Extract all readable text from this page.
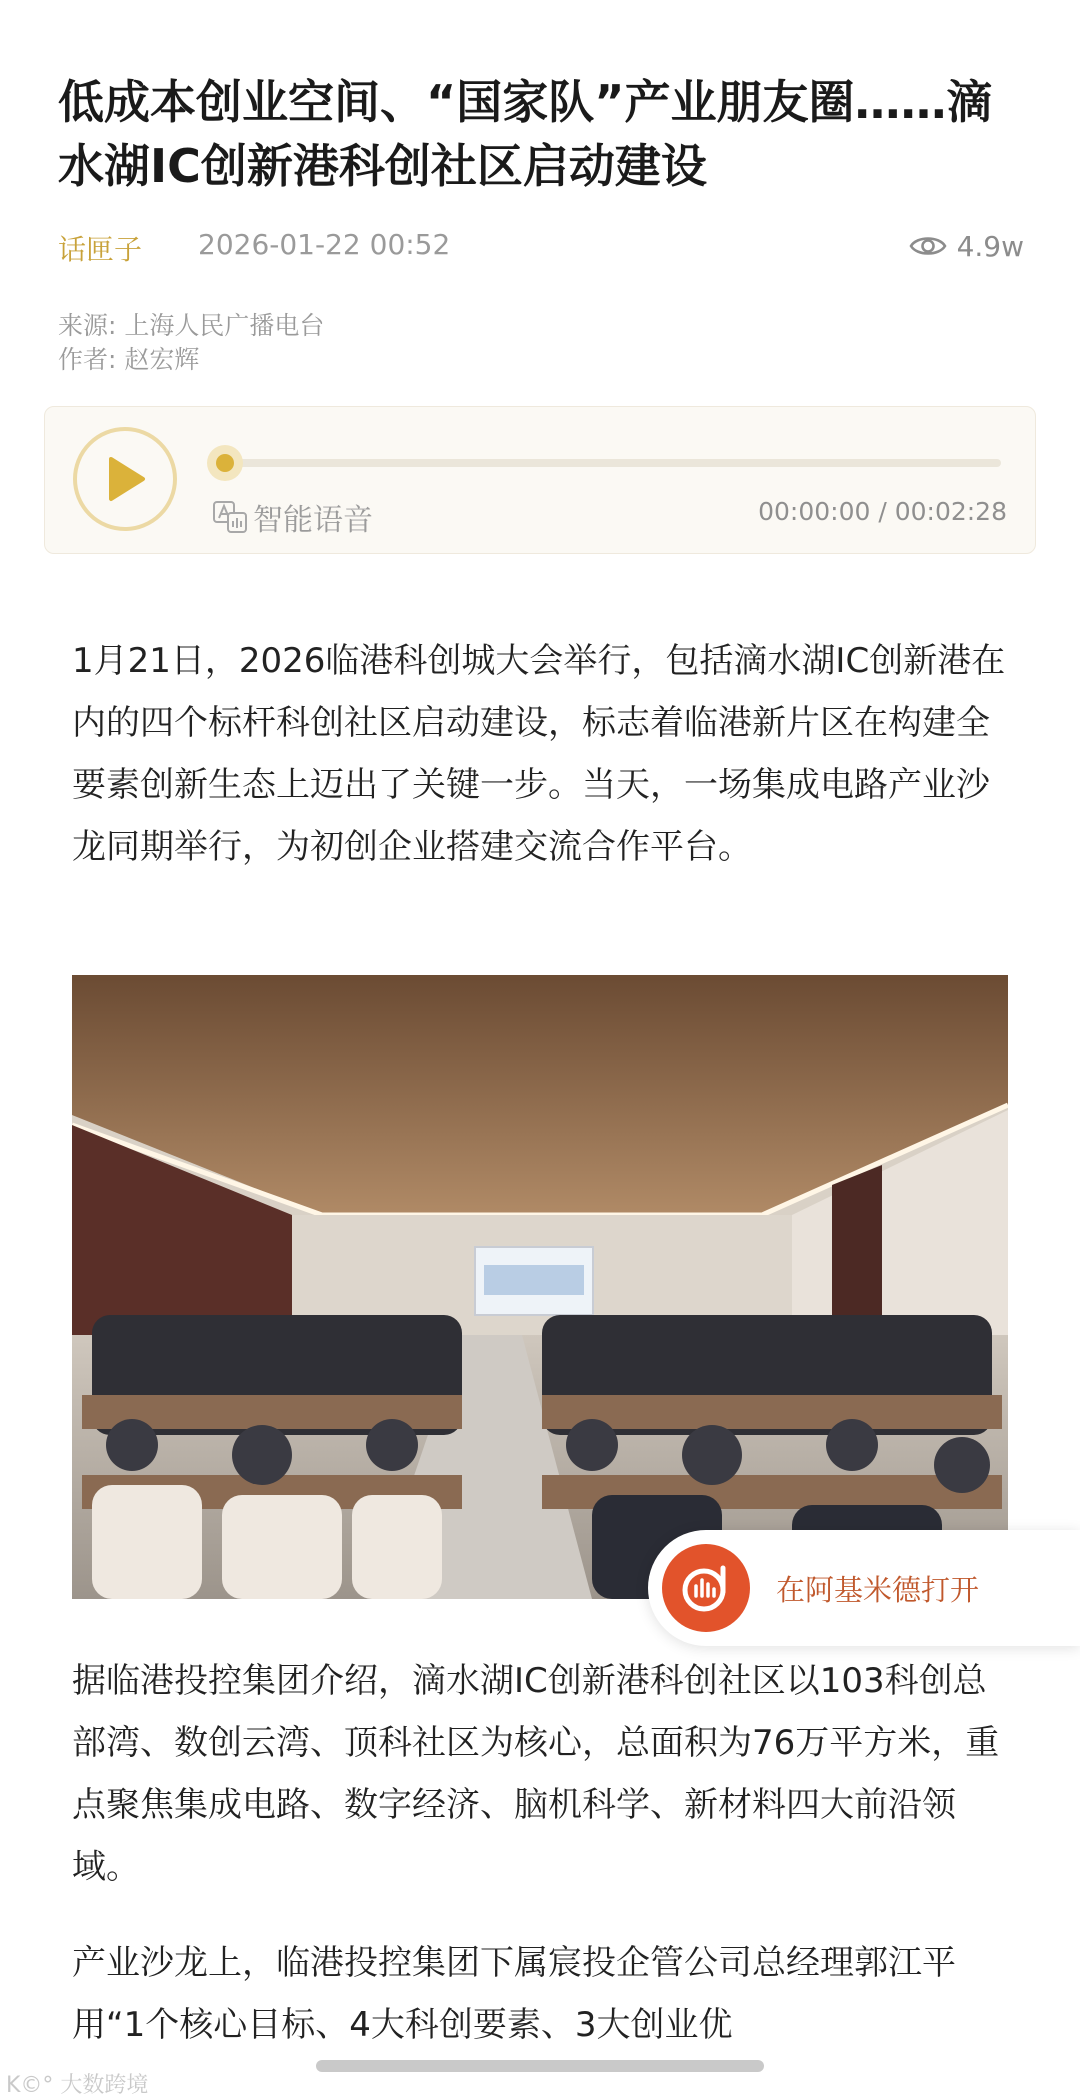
低成本创业空间、“国家队”产业朋友圈……滴水湖IC创新港科创社区启动建设
话匣子 2026-01-22 00:52	4.9w
来源: 上海人民广播电台
作者: 赵宏辉
智能语音	00:00:00 / 00:02:28

1月21日，2026临港科创城大会举行，包括滴水湖IC创新港在内的四个标杆科创社区启动建设，标志着临港新片区在构建全要素创新生态上迈出了关键一步。当天，一场集成电路产业沙龙同期举行，为初创企业搭建交流合作平台。

在阿基米德打开

据临港投控集团介绍，滴水湖IC创新港科创社区以103科创总部湾、数创云湾、顶科社区为核心，总面积为76万平方米，重点聚焦集成电路、数字经济、脑机科学、新材料四大前沿领域。

产业沙龙上，临港投控集团下属宸投企管公司总经理郭江平用“1个核心目标、4大科创要素、3大创业优

K©° 大数跨境
